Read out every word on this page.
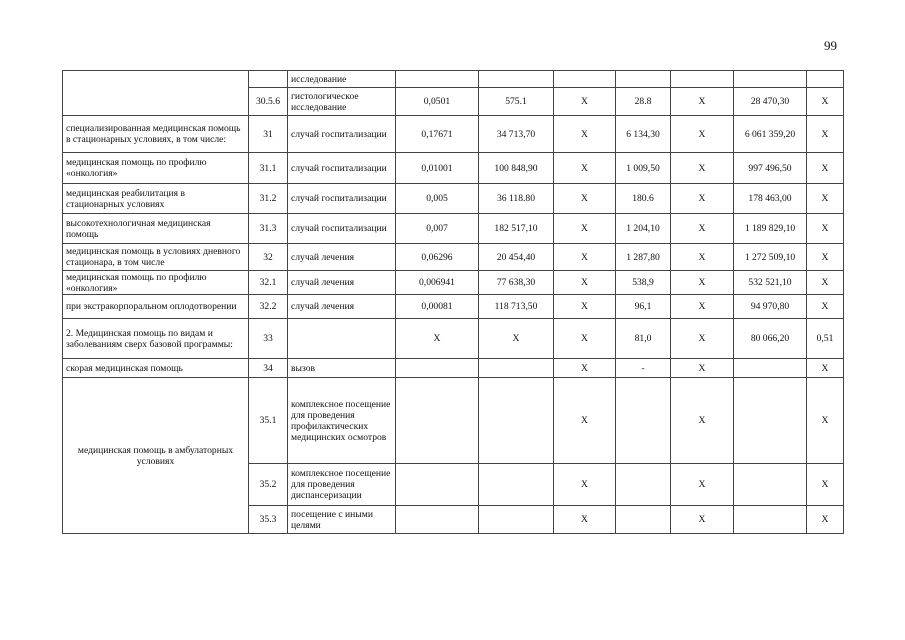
99
		исследование							
	30.5.6	гистологическое исследование	0,0501	575.1	X	28.8	X	28 470,30	X
специализированная медицинская помощь в стационарных условиях, в том числе:	31	случай госпитализации	0,17671	34 713,70	X	6 134,30	X	6 061 359,20	X
медицинская помощь по профилю «онкология»	31.1	случай госпитализации	0,01001	100 848,90	X	1 009,50	X	997 496,50	X
медицинская реабилитация в стационарных условиях	31.2	случай госпитализации	0,005	36 118.80	X	180.6	X	178 463,00	X
высокотехнологичная медицинская помощь	31.3	случай госпитализации	0,007	182 517,10	X	1 204,10	X	1 189 829,10	X
медицинская помощь в условиях дневного стационара, в том числе	32	случай лечения	0,06296	20 454,40	X	1 287,80	X	1 272 509,10	X
медицинская помощь по профилю «онкология»	32.1	случай лечения	0,006941	77 638,30	X	538,9	X	532 521,10	X
при экстракорпоральном оплодотворении	32.2	случай лечения	0,00081	118 713,50	X	96,1	X	94 970,80	X
2. Медицинская помощь по видам и заболеваниям сверх базовой программы:	33		X	X	X	81,0	X	80 066,20	0,51
скорая медицинская помощь	34	вызов			X	-	X		X
медицинская помощь в амбулаторных условиях	35.1	комплексное посещение для проведения профилактических медицинских осмотров			X		X		X
	35.2	комплексное посещение для проведения диспансеризации			X		X		X
	35.3	посещение с иными целями			X		X		X
